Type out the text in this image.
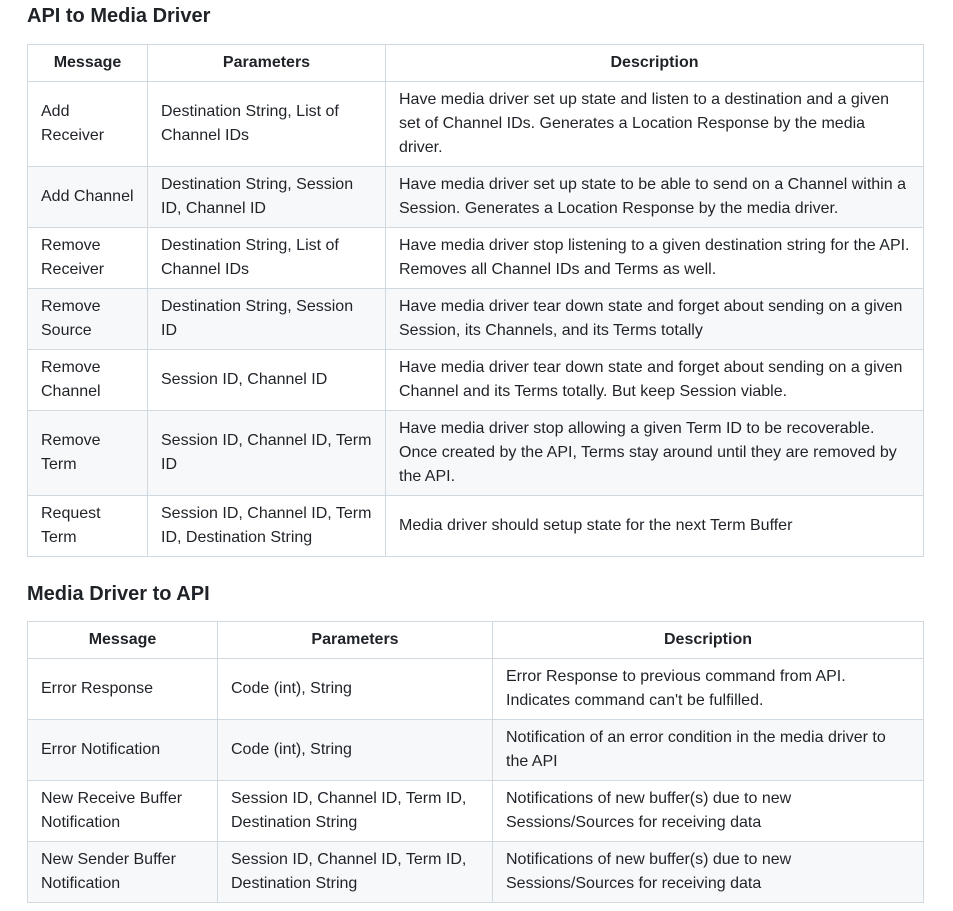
API to Media Driver
Message	Parameters	Description
Add Receiver	Destination String, List of Channel IDs	Have media driver set up state and listen to a destination and a given set of Channel IDs. Generates a Location Response by the media driver.
Add Channel	Destination String, Session ID, Channel ID	Have media driver set up state to be able to send on a Channel within a Session. Generates a Location Response by the media driver.
Remove Receiver	Destination String, List of Channel IDs	Have media driver stop listening to a given destination string for the API. Removes all Channel IDs and Terms as well.
Remove Source	Destination String, Session ID	Have media driver tear down state and forget about sending on a given Session, its Channels, and its Terms totally
Remove Channel	Session ID, Channel ID	Have media driver tear down state and forget about sending on a given Channel and its Terms totally. But keep Session viable.
Remove Term	Session ID, Channel ID, Term ID	Have media driver stop allowing a given Term ID to be recoverable. Once created by the API, Terms stay around until they are removed by the API.
Request Term	Session ID, Channel ID, Term ID, Destination String	Media driver should setup state for the next Term Buffer
Media Driver to API
Message	Parameters	Description
Error Response	Code (int), String	Error Response to previous command from API. Indicates command can't be fulfilled.
Error Notification	Code (int), String	Notification of an error condition in the media driver to the API
New Receive Buffer Notification	Session ID, Channel ID, Term ID, Destination String	Notifications of new buffer(s) due to new Sessions/Sources for receiving data
New Sender Buffer Notification	Session ID, Channel ID, Term ID, Destination String	Notifications of new buffer(s) due to new Sessions/Sources for receiving data
